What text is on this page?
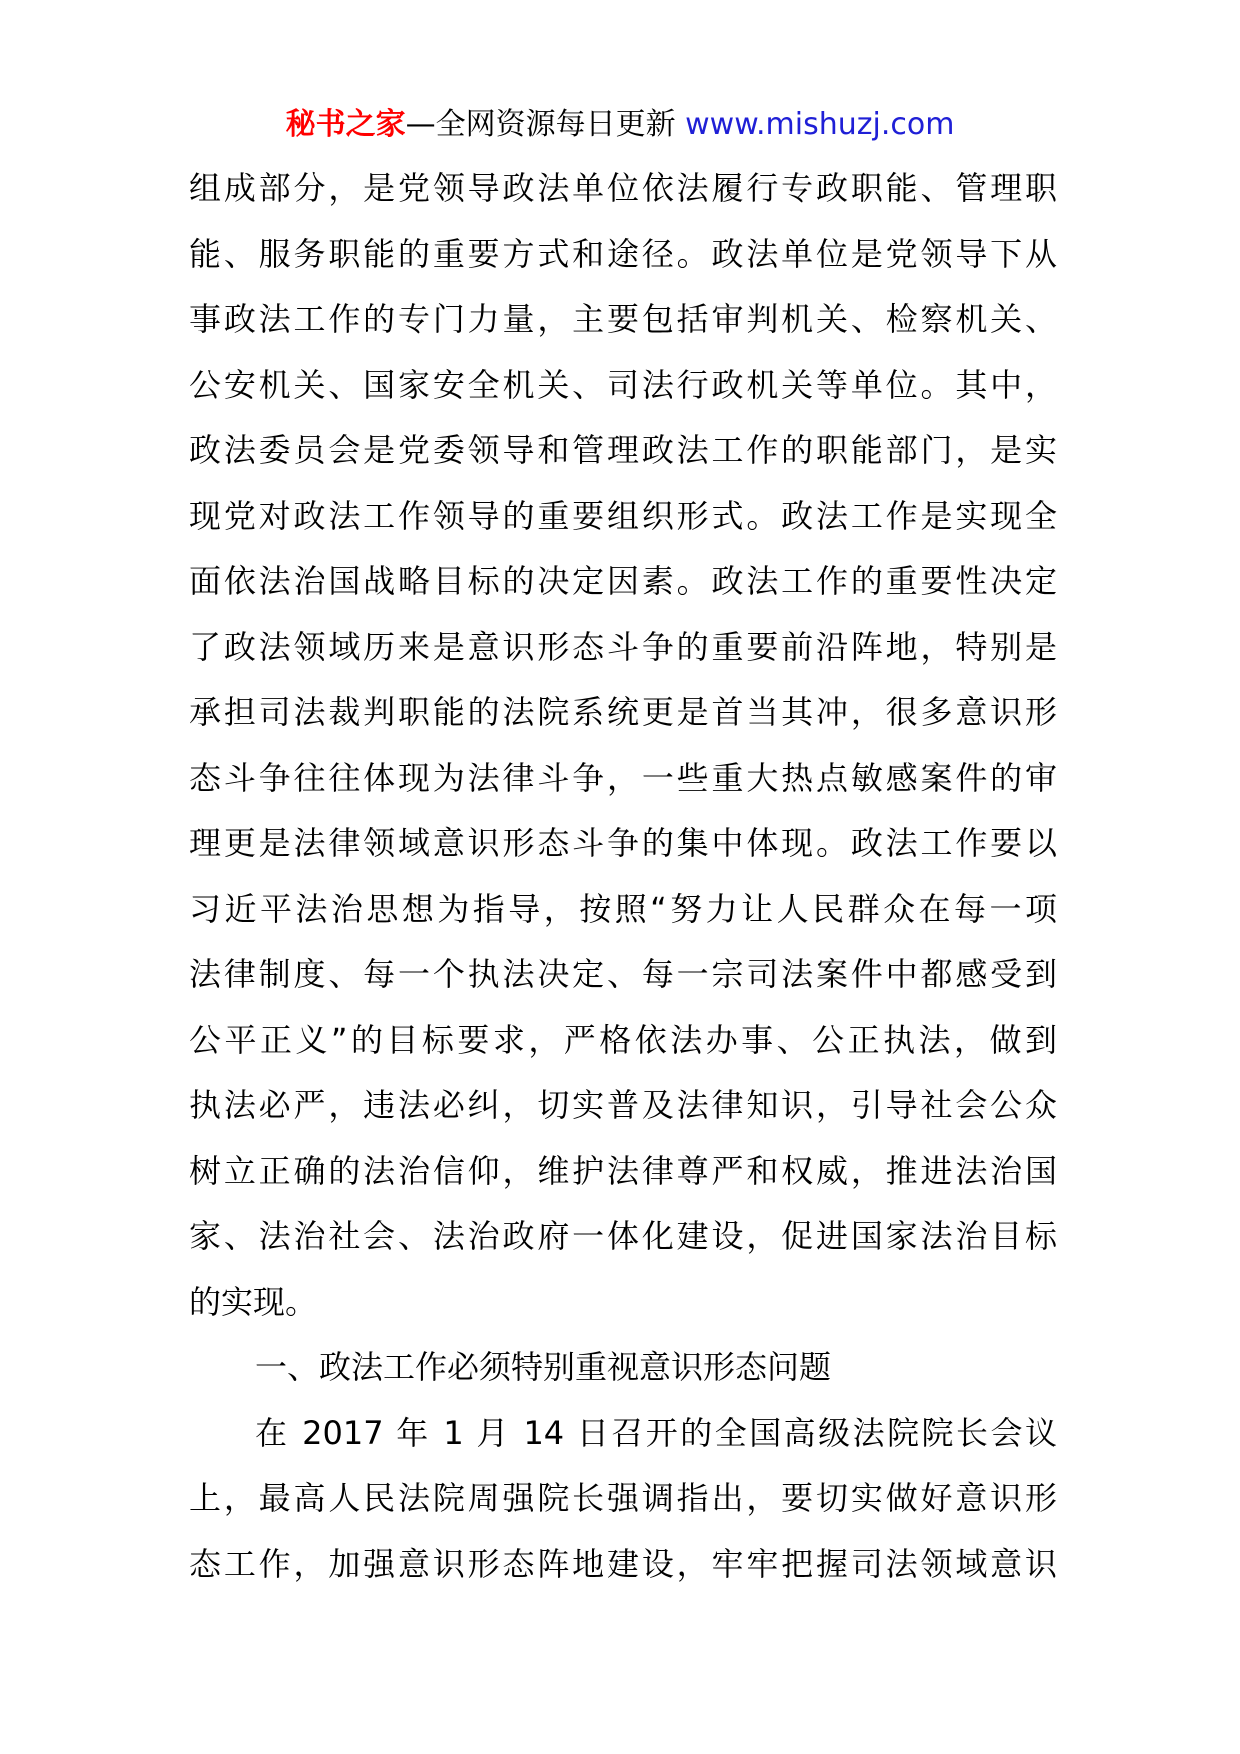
秘书之家—全网资源每日更新 www.mishuzj.com
组成部分，是党领导政法单位依法履行专政职能、管理职
能、服务职能的重要方式和途径。政法单位是党领导下从
事政法工作的专门力量，主要包括审判机关、检察机关、
公安机关、国家安全机关、司法行政机关等单位。其中，
政法委员会是党委领导和管理政法工作的职能部门，是实
现党对政法工作领导的重要组织形式。政法工作是实现全
面依法治国战略目标的决定因素。政法工作的重要性决定
了政法领域历来是意识形态斗争的重要前沿阵地，特别是
承担司法裁判职能的法院系统更是首当其冲，很多意识形
态斗争往往体现为法律斗争，一些重大热点敏感案件的审
理更是法律领域意识形态斗争的集中体现。政法工作要以
习近平法治思想为指导，按照“努力让人民群众在每一项
法律制度、每一个执法决定、每一宗司法案件中都感受到
公平正义”的目标要求，严格依法办事、公正执法，做到
执法必严，违法必纠，切实普及法律知识，引导社会公众
树立正确的法治信仰，维护法律尊严和权威，推进法治国
家、法治社会、法治政府一体化建设，促进国家法治目标
的实现。
一、政法工作必须特别重视意识形态问题
在 2017 年 1 月 14 日召开的全国高级法院院长会议
上，最高人民法院周强院长强调指出，要切实做好意识形
态工作，加强意识形态阵地建设，牢牢把握司法领域意识
